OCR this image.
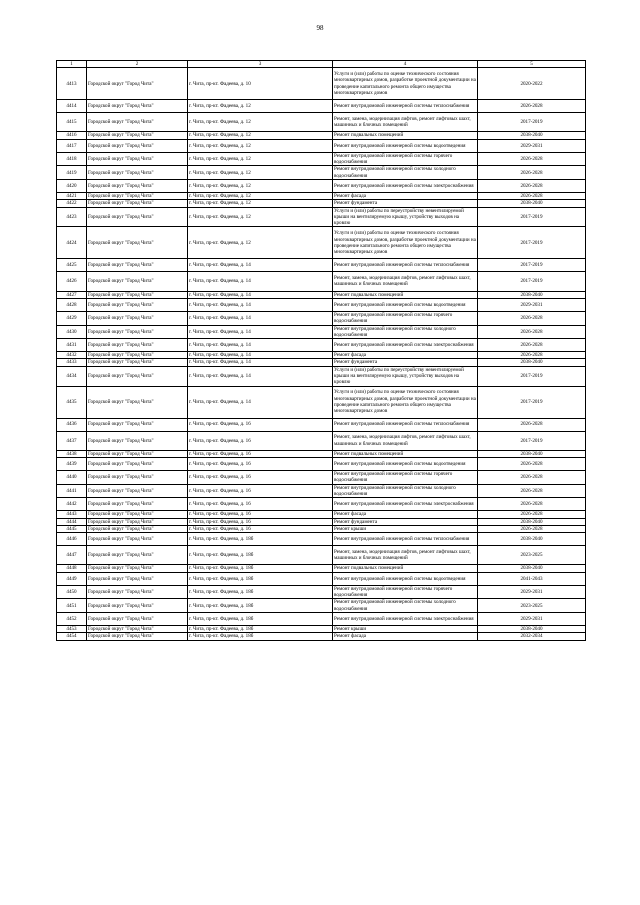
98
1	2	3	4	5
4413	Городской округ "Город Чита"	г. Чита, пр-кт. Фадеева, д. 10	Услуги и (или) работы по оценке технического состояния многоквартирных домов, разработке проектной документации на проведение капитального ремонта общего имущества многоквартирных домов	2020-2022
4414	Городской округ "Город Чита"	г. Чита, пр-кт. Фадеева, д. 12	Ремонт внутридомовой инженерной системы теплоснабжения	2026-2028
4415	Городской округ "Город Чита"	г. Чита, пр-кт. Фадеева, д. 12	Ремонт, замена, модернизация лифтов, ремонт лифтовых шахт, машинных и блочных помещений	2017-2019
4416	Городской округ "Город Чита"	г. Чита, пр-кт. Фадеева, д. 12	Ремонт подвальных помещений	2038-2040
4417	Городской округ "Город Чита"	г. Чита, пр-кт. Фадеева, д. 12	Ремонт внутридомовой инженерной системы водоотведения	2029-2031
4418	Городской округ "Город Чита"	г. Чита, пр-кт. Фадеева, д. 12	Ремонт внутридомовой инженерной системы горячего водоснабжения	2026-2028
4419	Городской округ "Город Чита"	г. Чита, пр-кт. Фадеева, д. 12	Ремонт внутридомовой инженерной системы холодного водоснабжения	2026-2028
4420	Городской округ "Город Чита"	г. Чита, пр-кт. Фадеева, д. 12	Ремонт внутридомовой инженерной системы электроснабжения	2026-2028
4421	Городской округ "Город Чита"	г. Чита, пр-кт. Фадеева, д. 12	Ремонт фасада	2026-2028
4422	Городской округ "Город Чита"	г. Чита, пр-кт. Фадеева, д. 12	Ремонт фундамента	2038-2040
4423	Городской округ "Город Чита"	г. Чита, пр-кт. Фадеева, д. 12	Услуги и (или) работы по переустройству невентилируемой крыши на вентилируемую крышу, устройству выходов на кровлю	2017-2019
4424	Городской округ "Город Чита"	г. Чита, пр-кт. Фадеева, д. 12	Услуги и (или) работы по оценке технического состояния многоквартирных домов, разработке проектной документации на проведение капитального ремонта общего имущества многоквартирных домов	2017-2019
4425	Городской округ "Город Чита"	г. Чита, пр-кт. Фадеева, д. 14	Ремонт внутридомовой инженерной системы теплоснабжения	2017-2019
4426	Городской округ "Город Чита"	г. Чита, пр-кт. Фадеева, д. 14	Ремонт, замена, модернизация лифтов, ремонт лифтовых шахт, машинных и блочных помещений	2017-2019
4427	Городской округ "Город Чита"	г. Чита, пр-кт. Фадеева, д. 14	Ремонт подвальных помещений	2038-2040
4428	Городской округ "Город Чита"	г. Чита, пр-кт. Фадеева, д. 14	Ремонт внутридомовой инженерной системы водоотведения	2029-2031
4429	Городской округ "Город Чита"	г. Чита, пр-кт. Фадеева, д. 14	Ремонт внутридомовой инженерной системы горячего водоснабжения	2026-2028
4430	Городской округ "Город Чита"	г. Чита, пр-кт. Фадеева, д. 14	Ремонт внутридомовой инженерной системы холодного водоснабжения	2026-2028
4431	Городской округ "Город Чита"	г. Чита, пр-кт. Фадеева, д. 14	Ремонт внутридомовой инженерной системы электроснабжения	2026-2028
4432	Городской округ "Город Чита"	г. Чита, пр-кт. Фадеева, д. 14	Ремонт фасада	2026-2028
4433	Городской округ "Город Чита"	г. Чита, пр-кт. Фадеева, д. 14	Ремонт фундамента	2038-2040
4434	Городской округ "Город Чита"	г. Чита, пр-кт. Фадеева, д. 14	Услуги и (или) работы по переустройству невентилируемой крыши на вентилируемую крышу, устройству выходов на кровлю	2017-2019
4435	Городской округ "Город Чита"	г. Чита, пр-кт. Фадеева, д. 14	Услуги и (или) работы по оценке технического состояния многоквартирных домов, разработке проектной документации на проведение капитального ремонта общего имущества многоквартирных домов	2017-2019
4436	Городской округ "Город Чита"	г. Чита, пр-кт. Фадеева, д. 16	Ремонт внутридомовой инженерной системы теплоснабжения	2026-2028
4437	Городской округ "Город Чита"	г. Чита, пр-кт. Фадеева, д. 16	Ремонт, замена, модернизация лифтов, ремонт лифтовых шахт, машинных и блочных помещений	2017-2019
4438	Городской округ "Город Чита"	г. Чита, пр-кт. Фадеева, д. 16	Ремонт подвальных помещений	2038-2040
4439	Городской округ "Город Чита"	г. Чита, пр-кт. Фадеева, д. 16	Ремонт внутридомовой инженерной системы водоотведения	2026-2028
4440	Городской округ "Город Чита"	г. Чита, пр-кт. Фадеева, д. 16	Ремонт внутридомовой инженерной системы горячего водоснабжения	2026-2028
4441	Городской округ "Город Чита"	г. Чита, пр-кт. Фадеева, д. 16	Ремонт внутридомовой инженерной системы холодного водоснабжения	2026-2028
4442	Городской округ "Город Чита"	г. Чита, пр-кт. Фадеева, д. 16	Ремонт внутридомовой инженерной системы электроснабжения	2026-2028
4443	Городской округ "Город Чита"	г. Чита, пр-кт. Фадеева, д. 16	Ремонт фасада	2026-2028
4444	Городской округ "Город Чита"	г. Чита, пр-кт. Фадеева, д. 16	Ремонт фундамента	2038-2040
4445	Городской округ "Город Чита"	г. Чита, пр-кт. Фадеева, д. 16	Ремонт крыши	2026-2028
4446	Городской округ "Город Чита"	г. Чита, пр-кт. Фадеева, д. 18б	Ремонт внутридомовой инженерной системы теплоснабжения	2038-2040
4447	Городской округ "Город Чита"	г. Чита, пр-кт. Фадеева, д. 18б	Ремонт, замена, модернизация лифтов, ремонт лифтовых шахт, машинных и блочных помещений	2023-2025
4448	Городской округ "Город Чита"	г. Чита, пр-кт. Фадеева, д. 18б	Ремонт подвальных помещений	2038-2040
4449	Городской округ "Город Чита"	г. Чита, пр-кт. Фадеева, д. 18б	Ремонт внутридомовой инженерной системы водоотведения	2041-2043
4450	Городской округ "Город Чита"	г. Чита, пр-кт. Фадеева, д. 18б	Ремонт внутридомовой инженерной системы горячего водоснабжения	2029-2031
4451	Городской округ "Город Чита"	г. Чита, пр-кт. Фадеева, д. 18б	Ремонт внутридомовой инженерной системы холодного водоснабжения	2023-2025
4452	Городской округ "Город Чита"	г. Чита, пр-кт. Фадеева, д. 18б	Ремонт внутридомовой инженерной системы электроснабжения	2029-2031
4453	Городской округ "Город Чита"	г. Чита, пр-кт. Фадеева, д. 18б	Ремонт крыши	2038-2040
4454	Городской округ "Город Чита"	г. Чита, пр-кт. Фадеева, д. 18б	Ремонт фасада	2032-2034
